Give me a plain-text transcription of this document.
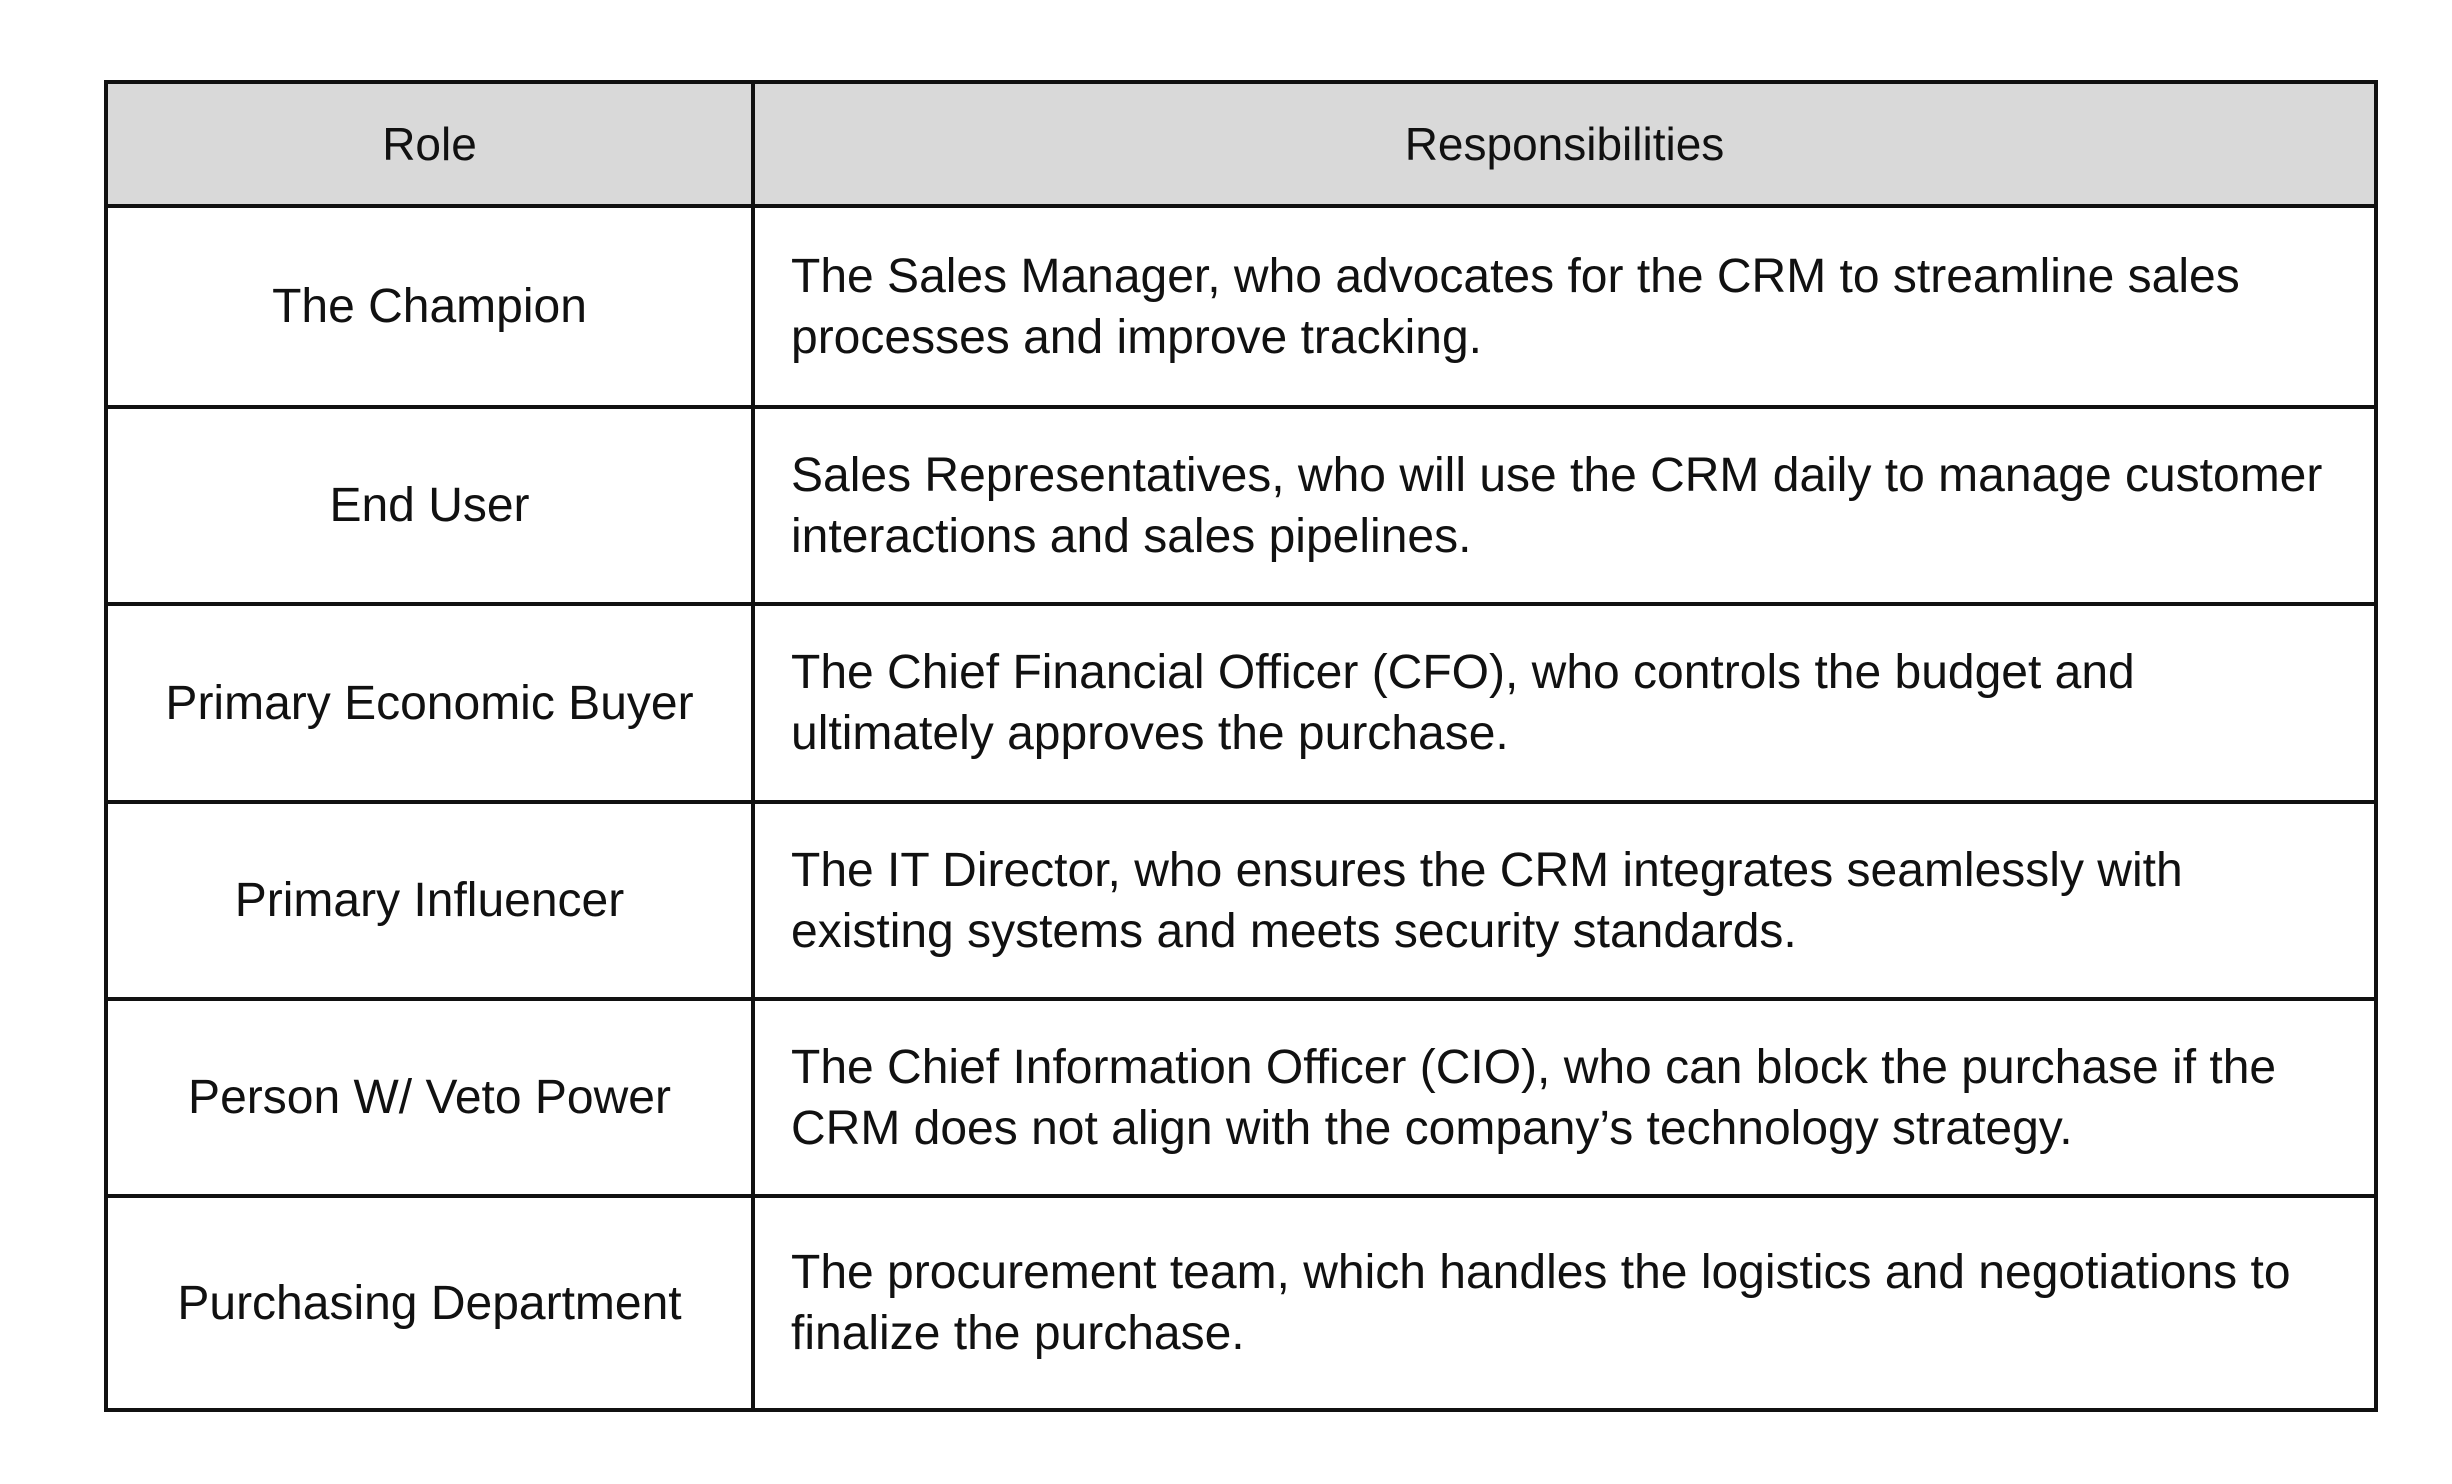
Role	Responsibilities
The Champion	The Sales Manager, who advocates for the CRM to streamline sales processes and improve tracking.
End User	Sales Representatives, who will use the CRM daily to manage customer interactions and sales pipelines.
Primary Economic Buyer	The Chief Financial Officer (CFO), who controls the budget and ultimately approves the purchase.
Primary Influencer	The IT Director, who ensures the CRM integrates seamlessly with existing systems and meets security standards.
Person W/ Veto Power	The Chief Information Officer (CIO), who can block the purchase if the CRM does not align with the company’s technology strategy.
Purchasing Department	The procurement team, which handles the logistics and negotiations to finalize the purchase.
